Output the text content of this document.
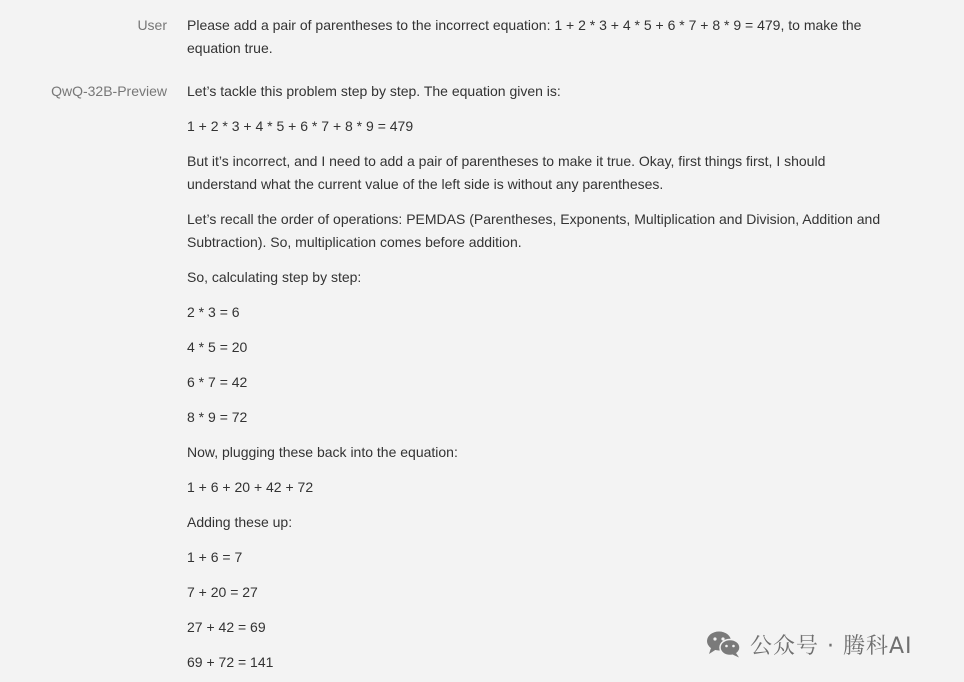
User Please add a pair of parentheses to the incorrect equation: 1 + 2 * 3 + 4 * 5 + 6 * 7 + 8 * 9 = 479, to make the equation true.
QwQ-32B-Preview Let’s tackle this problem step by step. The equation given is:

1 + 2 * 3 + 4 * 5 + 6 * 7 + 8 * 9 = 479

But it’s incorrect, and I need to add a pair of parentheses to make it true. Okay, first things first, I should understand what the current value of the left side is without any parentheses.

Let’s recall the order of operations: PEMDAS (Parentheses, Exponents, Multiplication and Division, Addition and Subtraction). So, multiplication comes before addition.

So, calculating step by step:

2 * 3 = 6

4 * 5 = 20

6 * 7 = 42

8 * 9 = 72

Now, plugging these back into the equation:

1 + 6 + 20 + 42 + 72

Adding these up:

1 + 6 = 7

7 + 20 = 27

27 + 42 = 69

69 + 72 = 141

公众号 · 腾科AI
